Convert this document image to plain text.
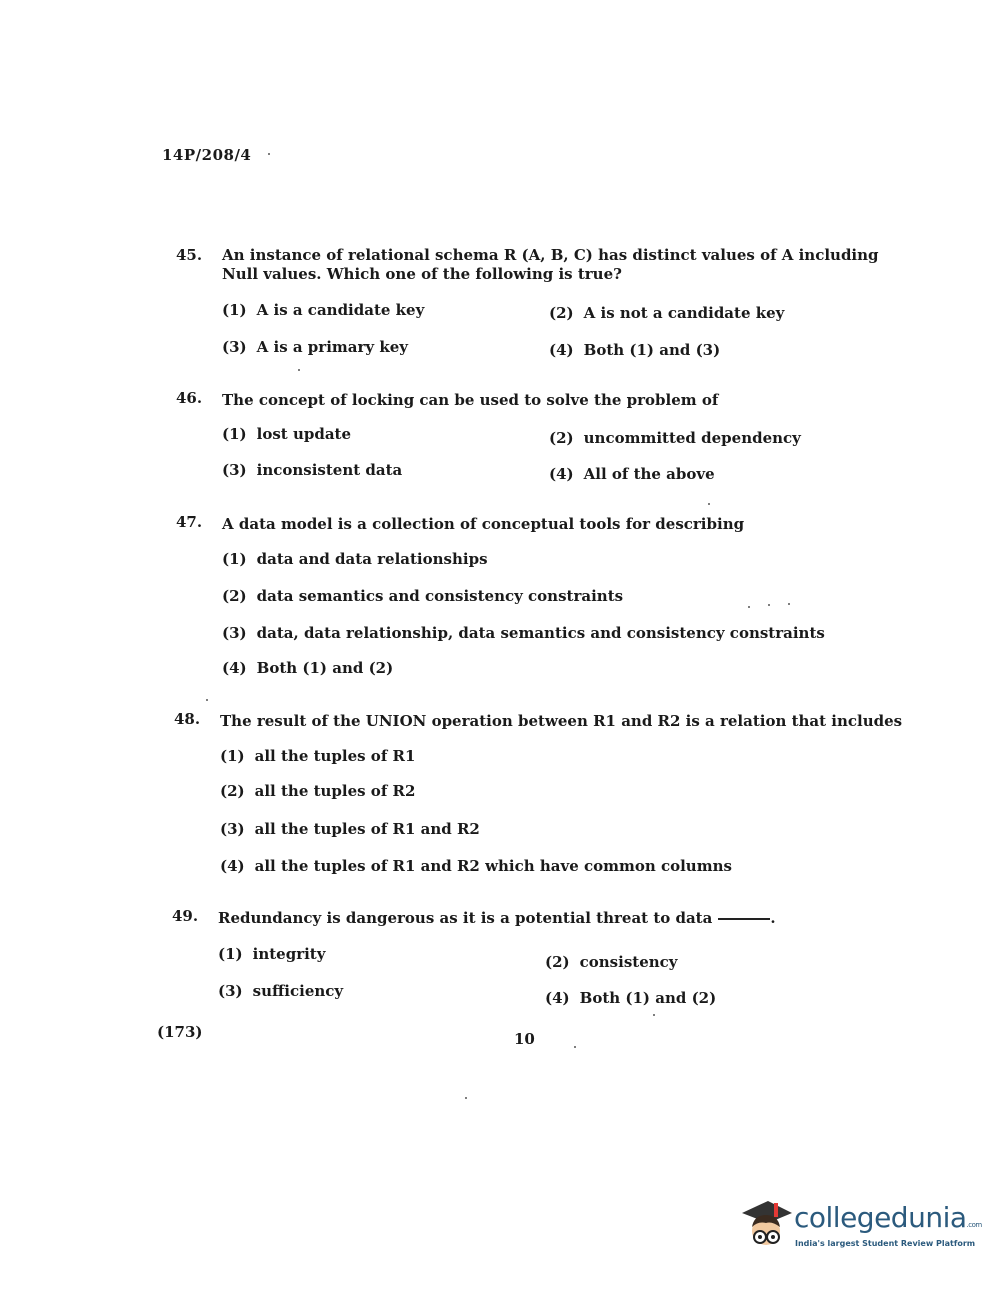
14P/208/4
45. An instance of relational schema R (A, B, C) has distinct values of A including Null values. Which one of the following is true?
(1) A is a candidate key	(2) A is not a candidate key
(3) A is a primary key	(4) Both (1) and (3)
46. The concept of locking can be used to solve the problem of
(1) lost update	(2) uncommitted dependency
(3) inconsistent data	(4) All of the above
47. A data model is a collection of conceptual tools for describing
(1) data and data relationships
(2) data semantics and consistency constraints
(3) data, data relationship, data semantics and consistency constraints
(4) Both (1) and (2)
48. The result of the UNION operation between R1 and R2 is a relation that includes
(1) all the tuples of R1
(2) all the tuples of R2
(3) all the tuples of R1 and R2
(4) all the tuples of R1 and R2 which have common columns
49. Redundancy is dangerous as it is a potential threat to data	.
(1) integrity	(2) consistency
(3) sufficiency	(4) Both (1) and (2)
(173)	10
collegedunia.com
India's largest Student Review Platform
